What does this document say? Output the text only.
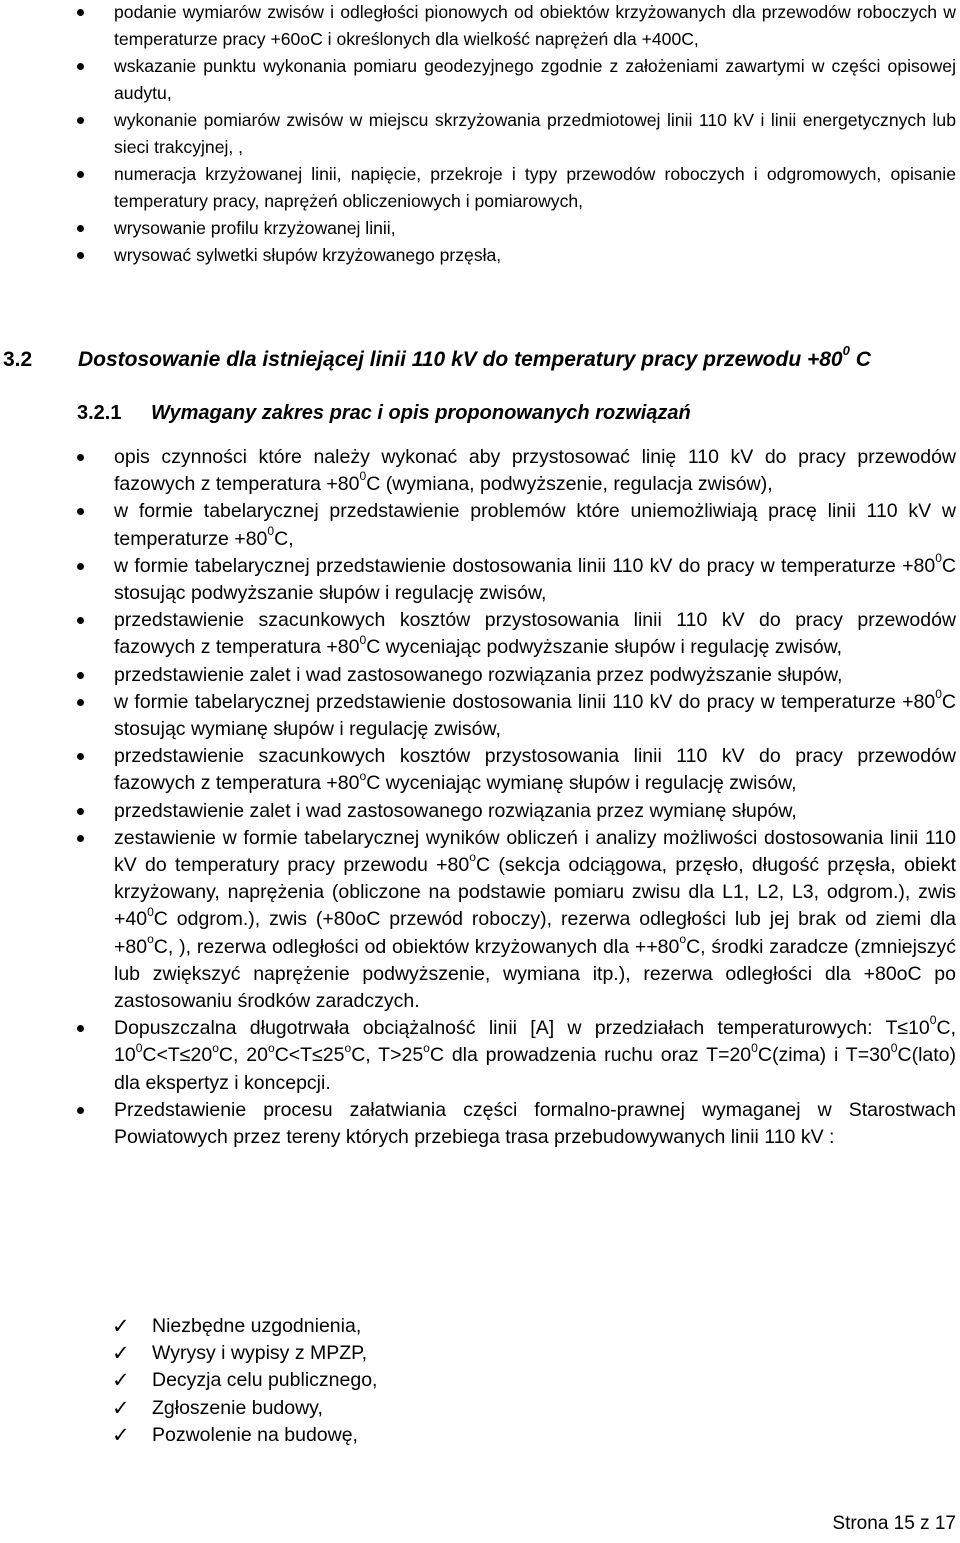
podanie wymiarów zwisów i odległości pionowych od obiektów krzyżowanych dla przewodów roboczych w temperaturze pracy +60oC i określonych dla wielkość naprężeń dla +400C,
wskazanie punktu wykonania pomiaru geodezyjnego zgodnie z założeniami zawartymi w części opisowej audytu,
wykonanie pomiarów zwisów w miejscu skrzyżowania przedmiotowej linii 110 kV i linii energetycznych lub sieci trakcyjnej, ,
numeracja krzyżowanej linii, napięcie, przekroje i typy przewodów roboczych i odgromowych, opisanie temperatury pracy, naprężeń obliczeniowych i pomiarowych,
wrysowanie profilu krzyżowanej linii,
wrysować sylwetki słupów krzyżowanego przęsła,
3.2 Dostosowanie dla istniejącej linii 110 kV do temperatury pracy przewodu $+80^0$ C
3.2.1 Wymagany zakres prac i opis proponowanych rozwiązań
opis czynności które należy wykonać aby przystosować linię 110 kV do pracy przewodów fazowych z temperatura $+80^0C$ (wymiana, podwyższenie, regulacja zwisów),
w formie tabelarycznej przedstawienie problemów które uniemożliwiają pracę linii 110 kV w temperaturze $+80^0C$,
w formie tabelarycznej przedstawienie dostosowania linii 110 kV do pracy w temperaturze $+80^0C$ stosując podwyższanie słupów i regulację zwisów,
przedstawienie szacunkowych kosztów przystosowania linii 110 kV do pracy przewodów fazowych z temperatura $+80^0C$ wyceniając podwyższanie słupów i regulację zwisów,
przedstawienie zalet i wad zastosowanego rozwiązania przez podwyższanie słupów,
w formie tabelarycznej przedstawienie dostosowania linii 110 kV do pracy w temperaturze $+80^0C$ stosując wymianę słupów i regulację zwisów,
przedstawienie szacunkowych kosztów przystosowania linii 110 kV do pracy przewodów fazowych z temperatura $+80^oC$ wyceniając wymianę słupów i regulację zwisów,
przedstawienie zalet i wad zastosowanego rozwiązania przez wymianę słupów,
zestawienie w formie tabelarycznej wyników obliczeń i analizy możliwości dostosowania linii 110 kV do temperatury pracy przewodu $+80^oC$ (sekcja odciągowa, przęsło, długość przęsła, obiekt krzyżowany, naprężenia (obliczone na podstawie pomiaru zwisu dla L1, L2, L3, odgrom.), zwis $+40^0C$ odgrom.), zwis (+80oC przewód roboczy), rezerwa odległości lub jej brak od ziemi dla $+80^oC$, ), rezerwa odległości od obiektów krzyżowanych dla $++80^oC$, środki zaradcze (zmniejszyć lub zwiększyć naprężenie podwyższenie, wymiana itp.), rezerwa odległości dla +80oC po zastosowaniu środków zaradczych.
Dopuszczalna długotrwała obciążalność linii [A] w przedziałach temperaturowych: $T\le 10^0C$, $10^0C<T\le 20^oC$, $20^oC<T\le 25^oC$, $T>25^oC$ dla prowadzenia ruchu oraz $T=20^0C(zima)$ i $T=30^0C(lato)$ dla ekspertyz i koncepcji.
Przedstawienie procesu załatwiania części formalno-prawnej wymaganej w Starostwach Powiatowych przez tereny których przebiega trasa przebudowywanych linii 110 kV :
✓ Niezbędne uzgodnienia,
✓ Wyrysy i wypisy z MPZP,
✓ Decyzja celu publicznego,
✓ Zgłoszenie budowy,
✓ Pozwolenie na budowę,
Strona 15 z 17
